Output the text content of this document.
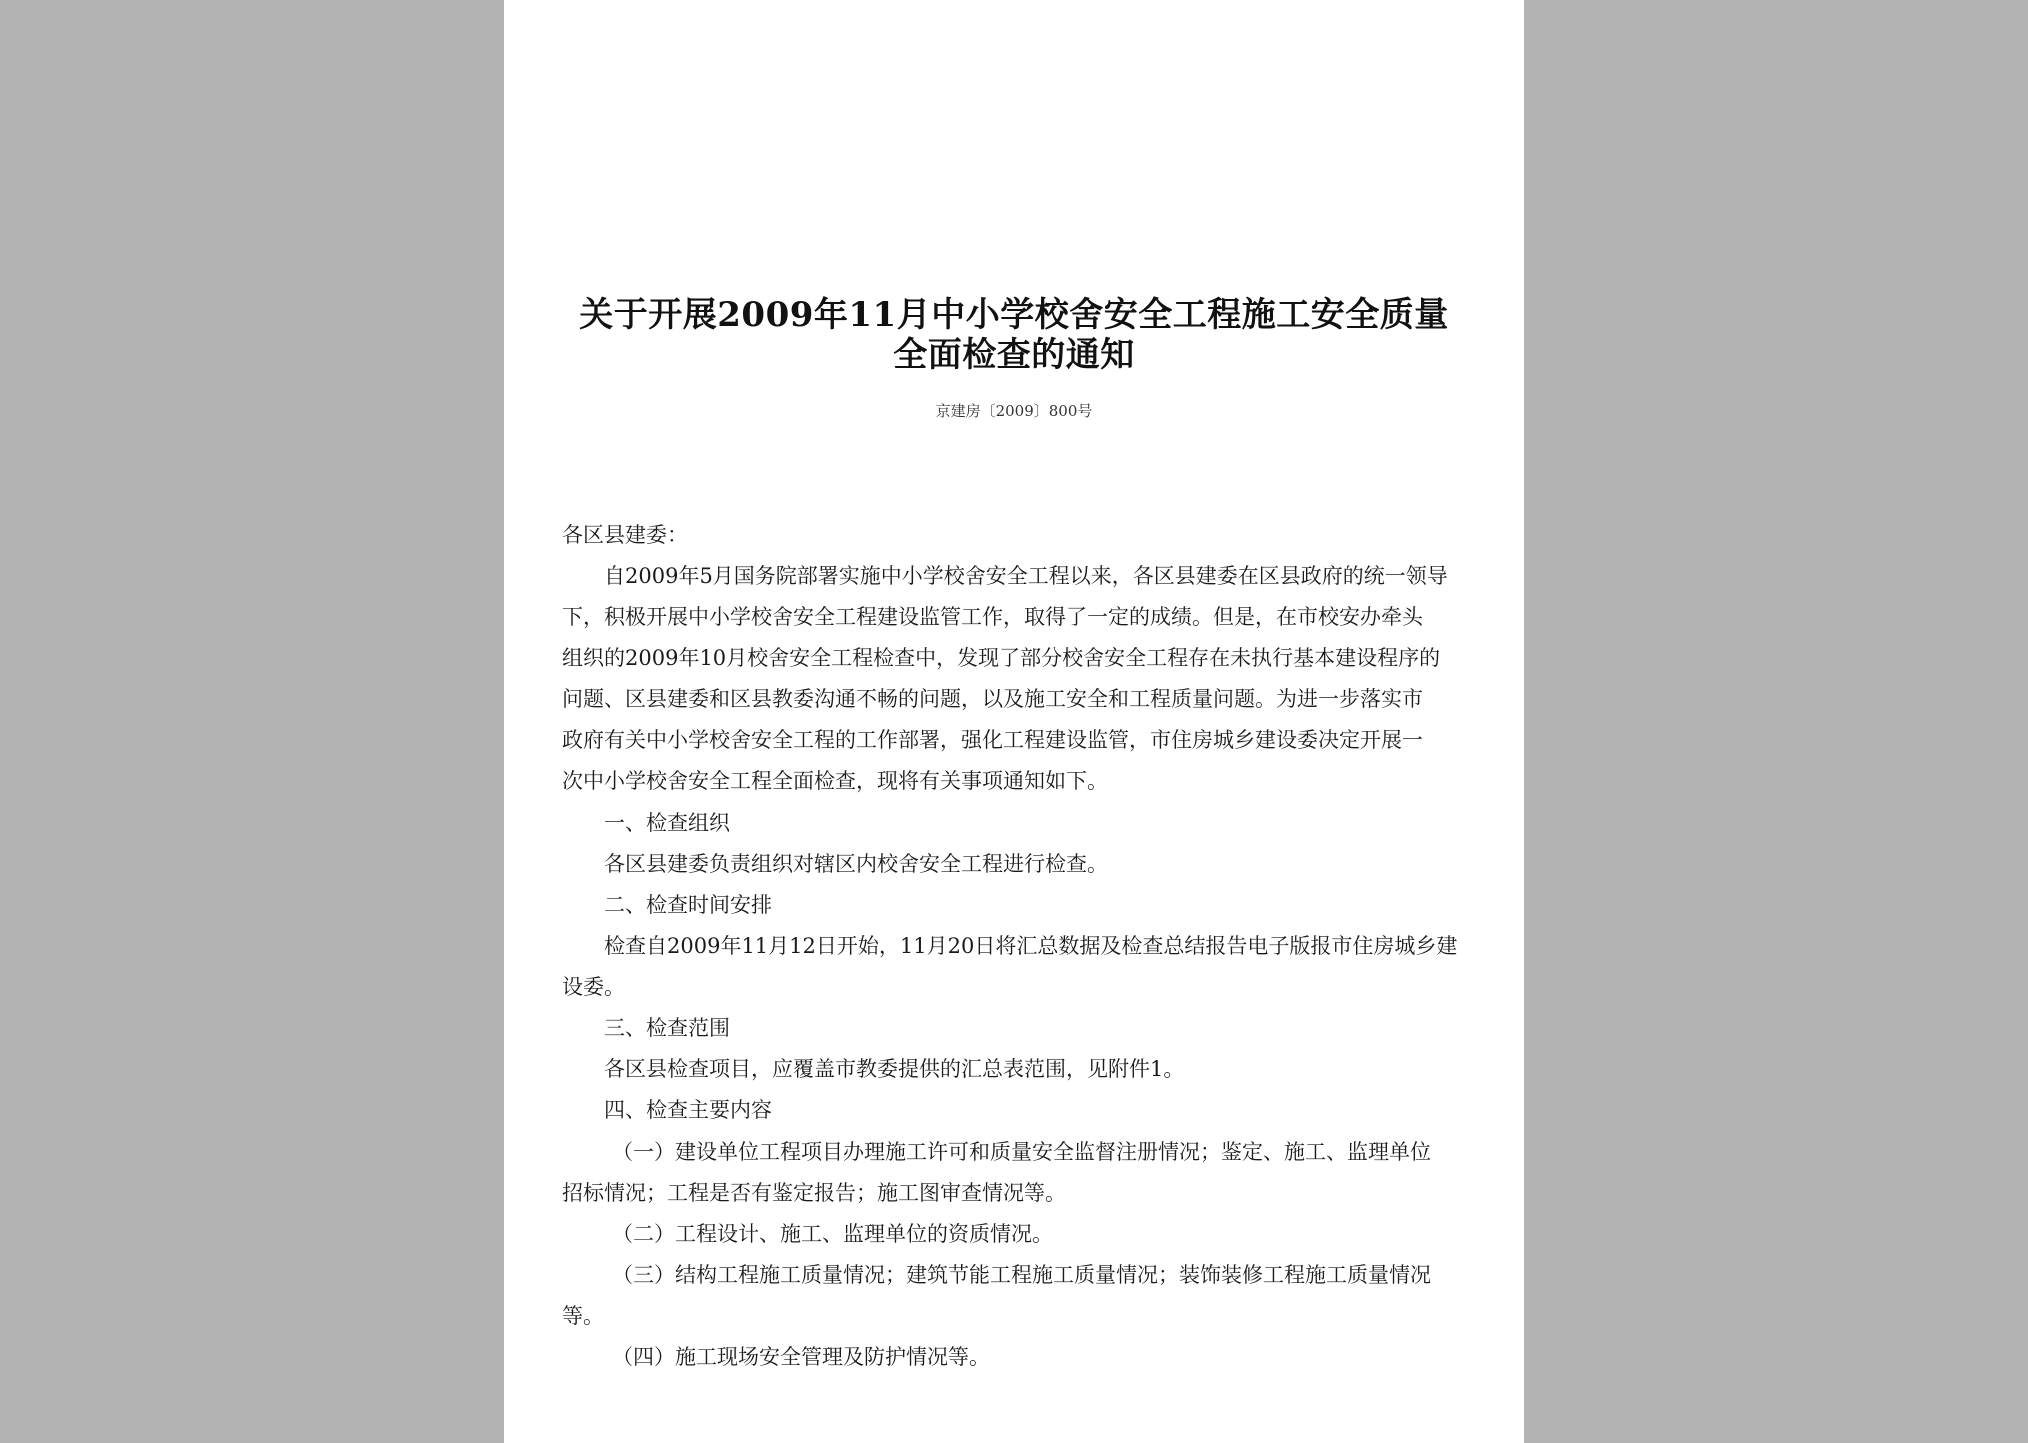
关于开展2009年11月中小学校舍安全工程施工安全质量
全面检查的通知
京建房〔2009〕800号
各区县建委：
自2009年5月国务院部署实施中小学校舍安全工程以来，各区县建委在区县政府的统一领导
下，积极开展中小学校舍安全工程建设监管工作，取得了一定的成绩。但是，在市校安办牵头
组织的2009年10月校舍安全工程检查中，发现了部分校舍安全工程存在未执行基本建设程序的
问题、区县建委和区县教委沟通不畅的问题，以及施工安全和工程质量问题。为进一步落实市
政府有关中小学校舍安全工程的工作部署，强化工程建设监管，市住房城乡建设委决定开展一
次中小学校舍安全工程全面检查，现将有关事项通知如下。
一、检查组织
各区县建委负责组织对辖区内校舍安全工程进行检查。
二、检查时间安排
检查自2009年11月12日开始，11月20日将汇总数据及检查总结报告电子版报市住房城乡建
设委。
三、检查范围
各区县检查项目，应覆盖市教委提供的汇总表范围，见附件1。
四、检查主要内容
（一）建设单位工程项目办理施工许可和质量安全监督注册情况；鉴定、施工、监理单位
招标情况；工程是否有鉴定报告；施工图审查情况等。
（二）工程设计、施工、监理单位的资质情况。
（三）结构工程施工质量情况；建筑节能工程施工质量情况；装饰装修工程施工质量情况
等。
（四）施工现场安全管理及防护情况等。
